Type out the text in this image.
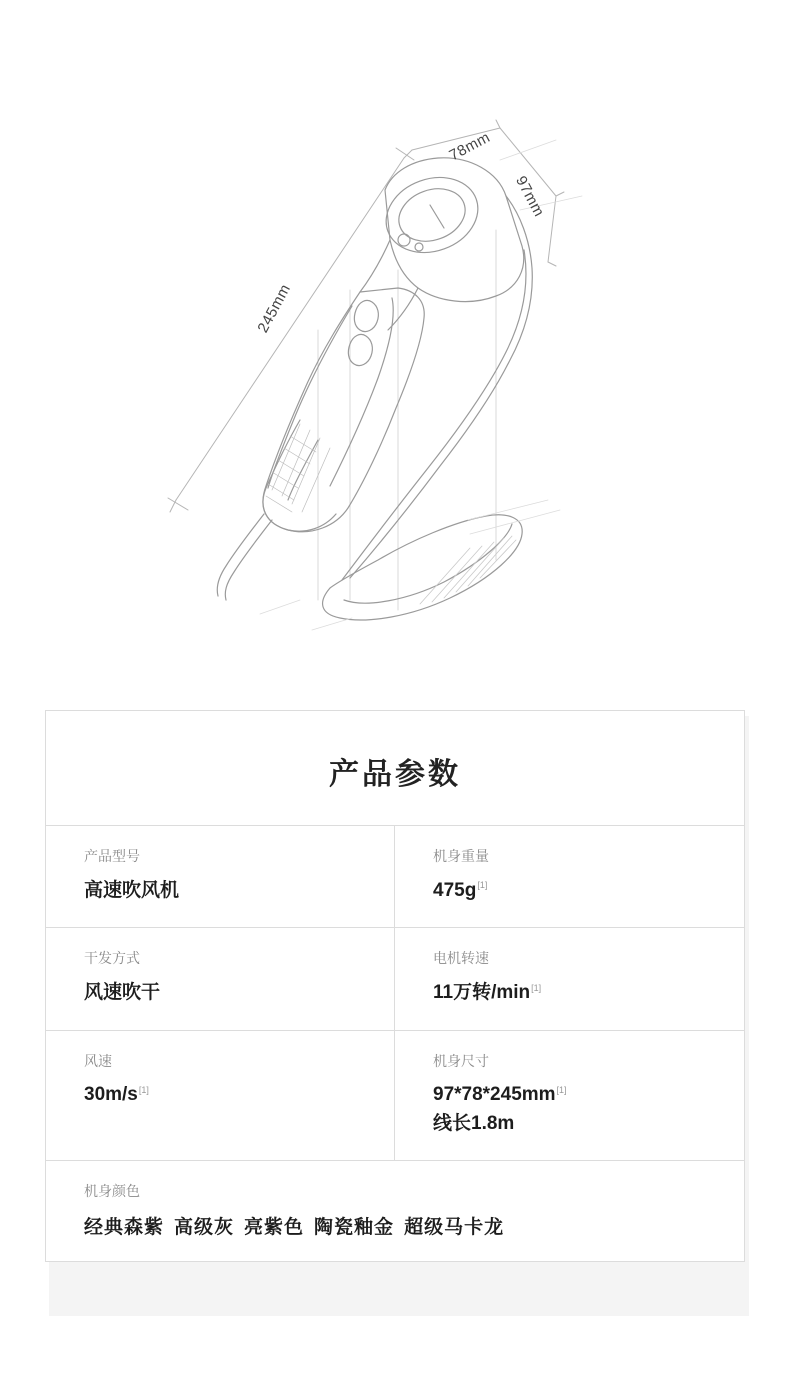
78mm
97mm
245mm
产品参数
产品型号
高速吹风机
机身重量
475g[1]
干发方式
风速吹干
电机转速
11万转/min[1]
风速
30m/s[1]
机身尺寸
97*78*245mm[1]
线长1.8m
机身颜色
经典森紫 高级灰 亮紫色 陶瓷釉金 超级马卡龙
